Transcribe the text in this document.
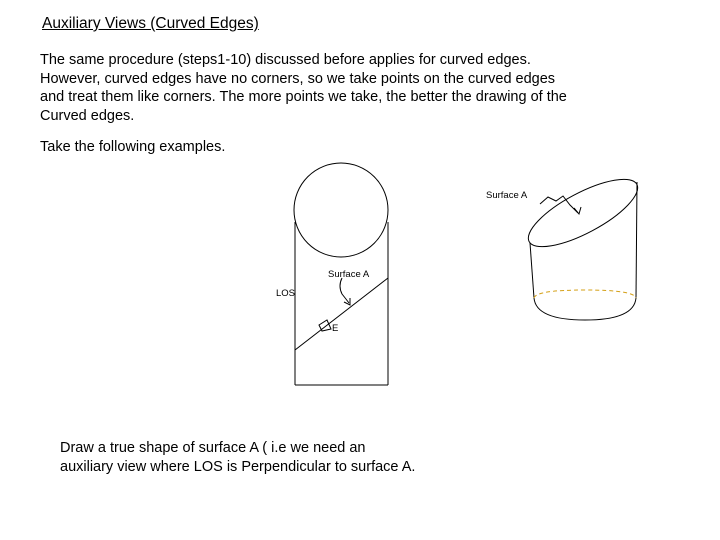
Auxiliary Views (Curved Edges)
The same procedure (steps1-10) discussed before applies for curved edges.
However, curved edges have no corners, so we take points on the curved edges
and treat them like corners. The more points we take, the better the drawing of the
Curved edges.
Take the following examples.
Surface A
LOS
E
Surface A
Draw a true shape of surface A ( i.e we need an
auxiliary view where LOS is Perpendicular to surface A.
